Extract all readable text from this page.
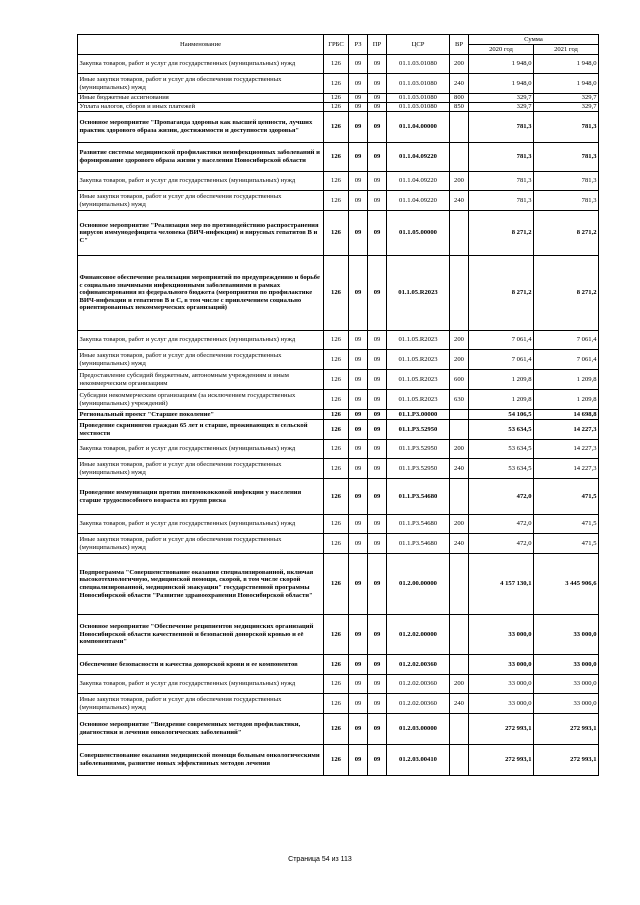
Наименование	ГРБС	РЗ	ПР	ЦСР	ВР	Сумма	
						2020 год	2021 год
Закупка товаров, работ и услуг для государственных (муниципальных) нужд	126	09	09	01.1.03.01080	200	1 948,0	1 948,0
Иные закупки товаров, работ и услуг для обеспечения государственных (муниципальных) нужд	126	09	09	01.1.03.01080	240	1 948,0	1 948,0
Иные бюджетные ассигнования	126	09	09	01.1.03.01080	800	329,7	329,7
Уплата налогов, сборов и иных платежей	126	09	09	01.1.03.01080	850	329,7	329,7
Основное мероприятие "Пропаганда здоровья как высшей ценности, лучших практик здорового образа жизни, достижимости и доступности здоровья"	126	09	09	01.1.04.00000		781,3	781,3
Развитие системы медицинской профилактики неинфекционных заболеваний и формирование здорового образа жизни у населения Новосибирской области	126	09	09	01.1.04.09220		781,3	781,3
Закупка товаров, работ и услуг для государственных (муниципальных) нужд	126	09	09	01.1.04.09220	200	781,3	781,3
Иные закупки товаров, работ и услуг для обеспечения государственных (муниципальных) нужд	126	09	09	01.1.04.09220	240	781,3	781,3
Основное мероприятие "Реализация мер по противодействию распространения вирусов иммунодефицита человека (ВИЧ-инфекции) и вирусных гепатитов В и С"	126	09	09	01.1.05.00000		8 271,2	8 271,2
Финансовое обеспечение реализации мероприятий по предупреждению и борьбе с социально значимыми инфекционными заболеваниями в рамках софинансирования из федерального бюджета (мероприятия по профилактике ВИЧ-инфекции и гепатитов В и С, в том числе с привлечением социально ориентированных некоммерческих организаций)	126	09	09	01.1.05.R2023		8 271,2	8 271,2
Закупка товаров, работ и услуг для государственных (муниципальных) нужд	126	09	09	01.1.05.R2023	200	7 061,4	7 061,4
Иные закупки товаров, работ и услуг для обеспечения государственных (муниципальных) нужд	126	09	09	01.1.05.R2023	200	7 061,4	7 061,4
Предоставление субсидий бюджетным, автономным учреждениям и иным некоммерческим организациям	126	09	09	01.1.05.R2023	600	1 209,8	1 209,8
Субсидии некоммерческим организациям (за исключением государственных (муниципальных) учреждений)	126	09	09	01.1.05.R2023	630	1 209,8	1 209,8
Региональный проект "Старшее поколение"	126	09	09	01.1.P3.00000		54 106,5	14 698,8
Проведение скринингов граждан 65 лет и старше, проживающих в сельской местности	126	09	09	01.1.P3.52950		53 634,5	14 227,3
Закупка товаров, работ и услуг для государственных (муниципальных) нужд	126	09	09	01.1.P3.52950	200	53 634,5	14 227,3
Иные закупки товаров, работ и услуг для обеспечения государственных (муниципальных) нужд	126	09	09	01.1.P3.52950	240	53 634,5	14 227,3
Проведение иммунизации против пневмококковой инфекции у населения старше трудоспособного возраста из групп риска	126	09	09	01.1.P3.54680		472,0	471,5
Закупка товаров, работ и услуг для государственных (муниципальных) нужд	126	09	09	01.1.P3.54680	200	472,0	471,5
Иные закупки товаров, работ и услуг для обеспечения государственных (муниципальных) нужд	126	09	09	01.1.P3.54680	240	472,0	471,5
Подпрограмма "Совершенствование оказания специализированной, включая высокотехнологичную, медицинской помощи, скорой, в том числе скорой специализированной, медицинской эвакуации" государственной программы Новосибирской области "Развитие здравоохранения Новосибирской области"	126	09	09	01.2.00.00000		4 157 130,1	3 445 906,6
Основное мероприятие "Обеспечение реципиентов медицинских организаций Новосибирской области качественной и безопасной донорской кровью и её компонентами"	126	09	09	01.2.02.00000		33 000,0	33 000,0
Обеспечение безопасности и качества донорской крови и ее компонентов	126	09	09	01.2.02.00360		33 000,0	33 000,0
Закупка товаров, работ и услуг для государственных (муниципальных) нужд	126	09	09	01.2.02.00360	200	33 000,0	33 000,0
Иные закупки товаров, работ и услуг для обеспечения государственных (муниципальных) нужд	126	09	09	01.2.02.00360	240	33 000,0	33 000,0
Основное мероприятие "Внедрение современных методов профилактики, диагностики и лечения онкологических заболеваний"	126	09	09	01.2.03.00000		272 993,1	272 993,1
Совершенствование оказания медицинской помощи больным онкологическими заболеваниями, развитие новых эффективных методов лечения	126	09	09	01.2.03.00410		272 993,1	272 993,1
Страница 54 из 113
